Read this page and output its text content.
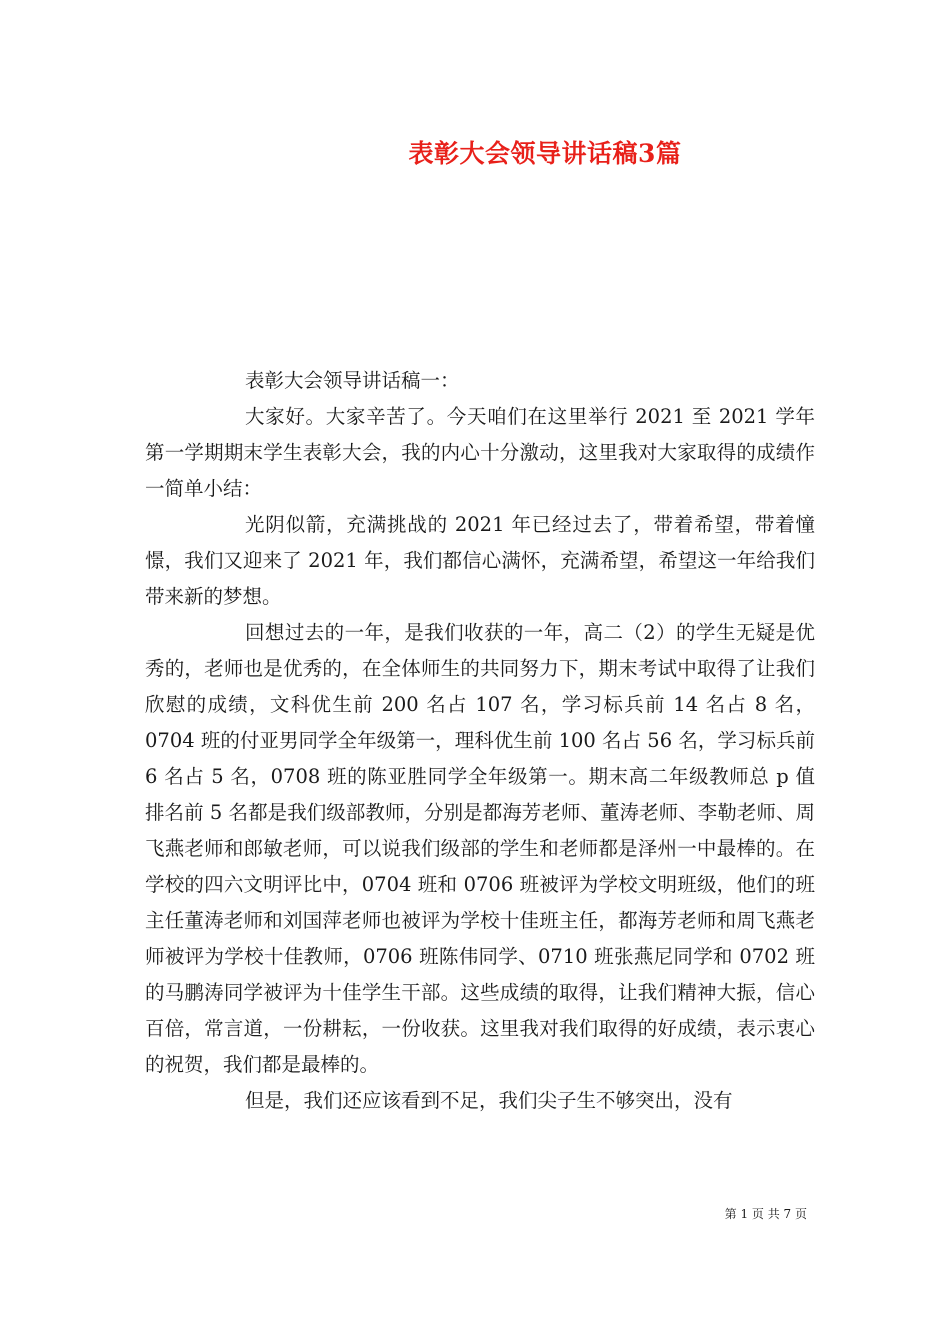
表彰大会领导讲话稿3篇

表彰大会领导讲话稿一：

大家好。大家辛苦了。今天咱们在这里举行 2021 至 2021 学年第一学期期末学生表彰大会，我的内心十分激动，这里我对大家取得的成绩作一简单小结：

光阴似箭，充满挑战的 2021 年已经过去了，带着希望，带着憧憬，我们又迎来了 2021 年，我们都信心满怀，充满希望，希望这一年给我们带来新的梦想。

回想过去的一年，是我们收获的一年，高二（2）的学生无疑是优秀的，老师也是优秀的，在全体师生的共同努力下，期末考试中取得了让我们欣慰的成绩，文科优生前 200 名占 107 名，学习标兵前 14 名占 8 名，0704 班的付亚男同学全年级第一，理科优生前 100 名占 56 名，学习标兵前 6 名占 5 名，0708 班的陈亚胜同学全年级第一。期末高二年级教师总 p 值排名前 5 名都是我们级部教师，分别是都海芳老师、董涛老师、李勒老师、周飞燕老师和郎敏老师，可以说我们级部的学生和老师都是泽州一中最棒的。在学校的四六文明评比中，0704 班和 0706 班被评为学校文明班级，他们的班主任董涛老师和刘国萍老师也被评为学校十佳班主任，都海芳老师和周飞燕老师被评为学校十佳教师，0706 班陈伟同学、0710 班张燕尼同学和 0702 班的马鹏涛同学被评为十佳学生干部。这些成绩的取得，让我们精神大振，信心百倍，常言道，一份耕耘，一份收获。这里我对我们取得的好成绩，表示衷心的祝贺，我们都是最棒的。

但是，我们还应该看到不足，我们尖子生不够突出，没有

第 1 页 共 7 页
